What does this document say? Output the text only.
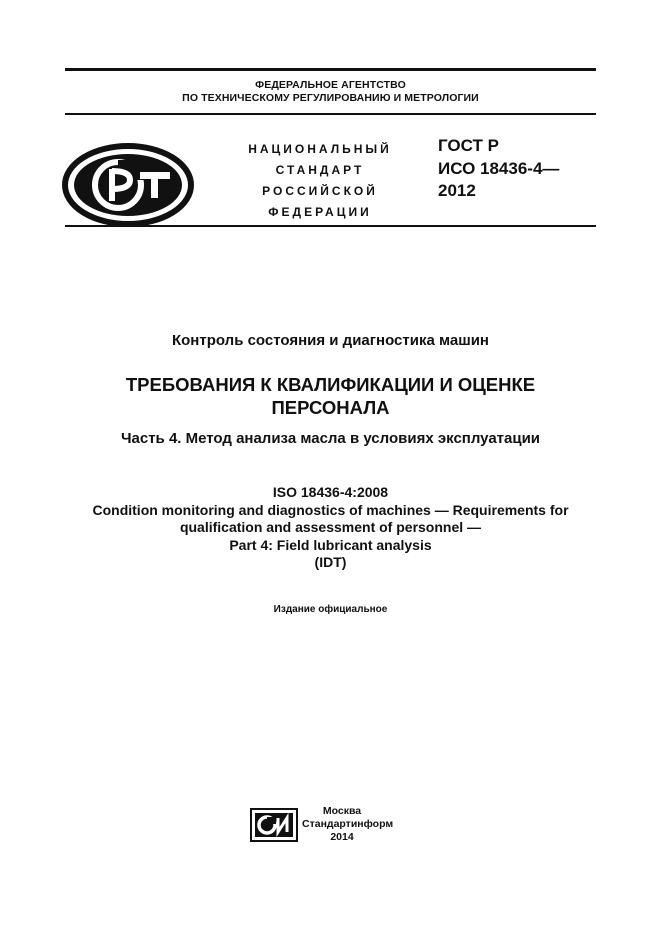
ФЕДЕРАЛЬНОЕ АГЕНТСТВО
ПО ТЕХНИЧЕСКОМУ РЕГУЛИРОВАНИЮ И МЕТРОЛОГИИ
НАЦИОНАЛЬНЫЙ
СТАНДАРТ
РОССИЙСКОЙ
ФЕДЕРАЦИИ
ГОСТ Р
ИСО 18436-4—
2012
Контроль состояния и диагностика машин
ТРЕБОВАНИЯ К КВАЛИФИКАЦИИ И ОЦЕНКЕ
ПЕРСОНАЛА
Часть 4. Метод анализа масла в условиях эксплуатации
ISO 18436-4:2008
Condition monitoring and diagnostics of machines — Requirements for
qualification and assessment of personnel —
Part 4: Field lubricant analysis
(IDT)
Издание официальное
Москва
Стандартинформ
2014
